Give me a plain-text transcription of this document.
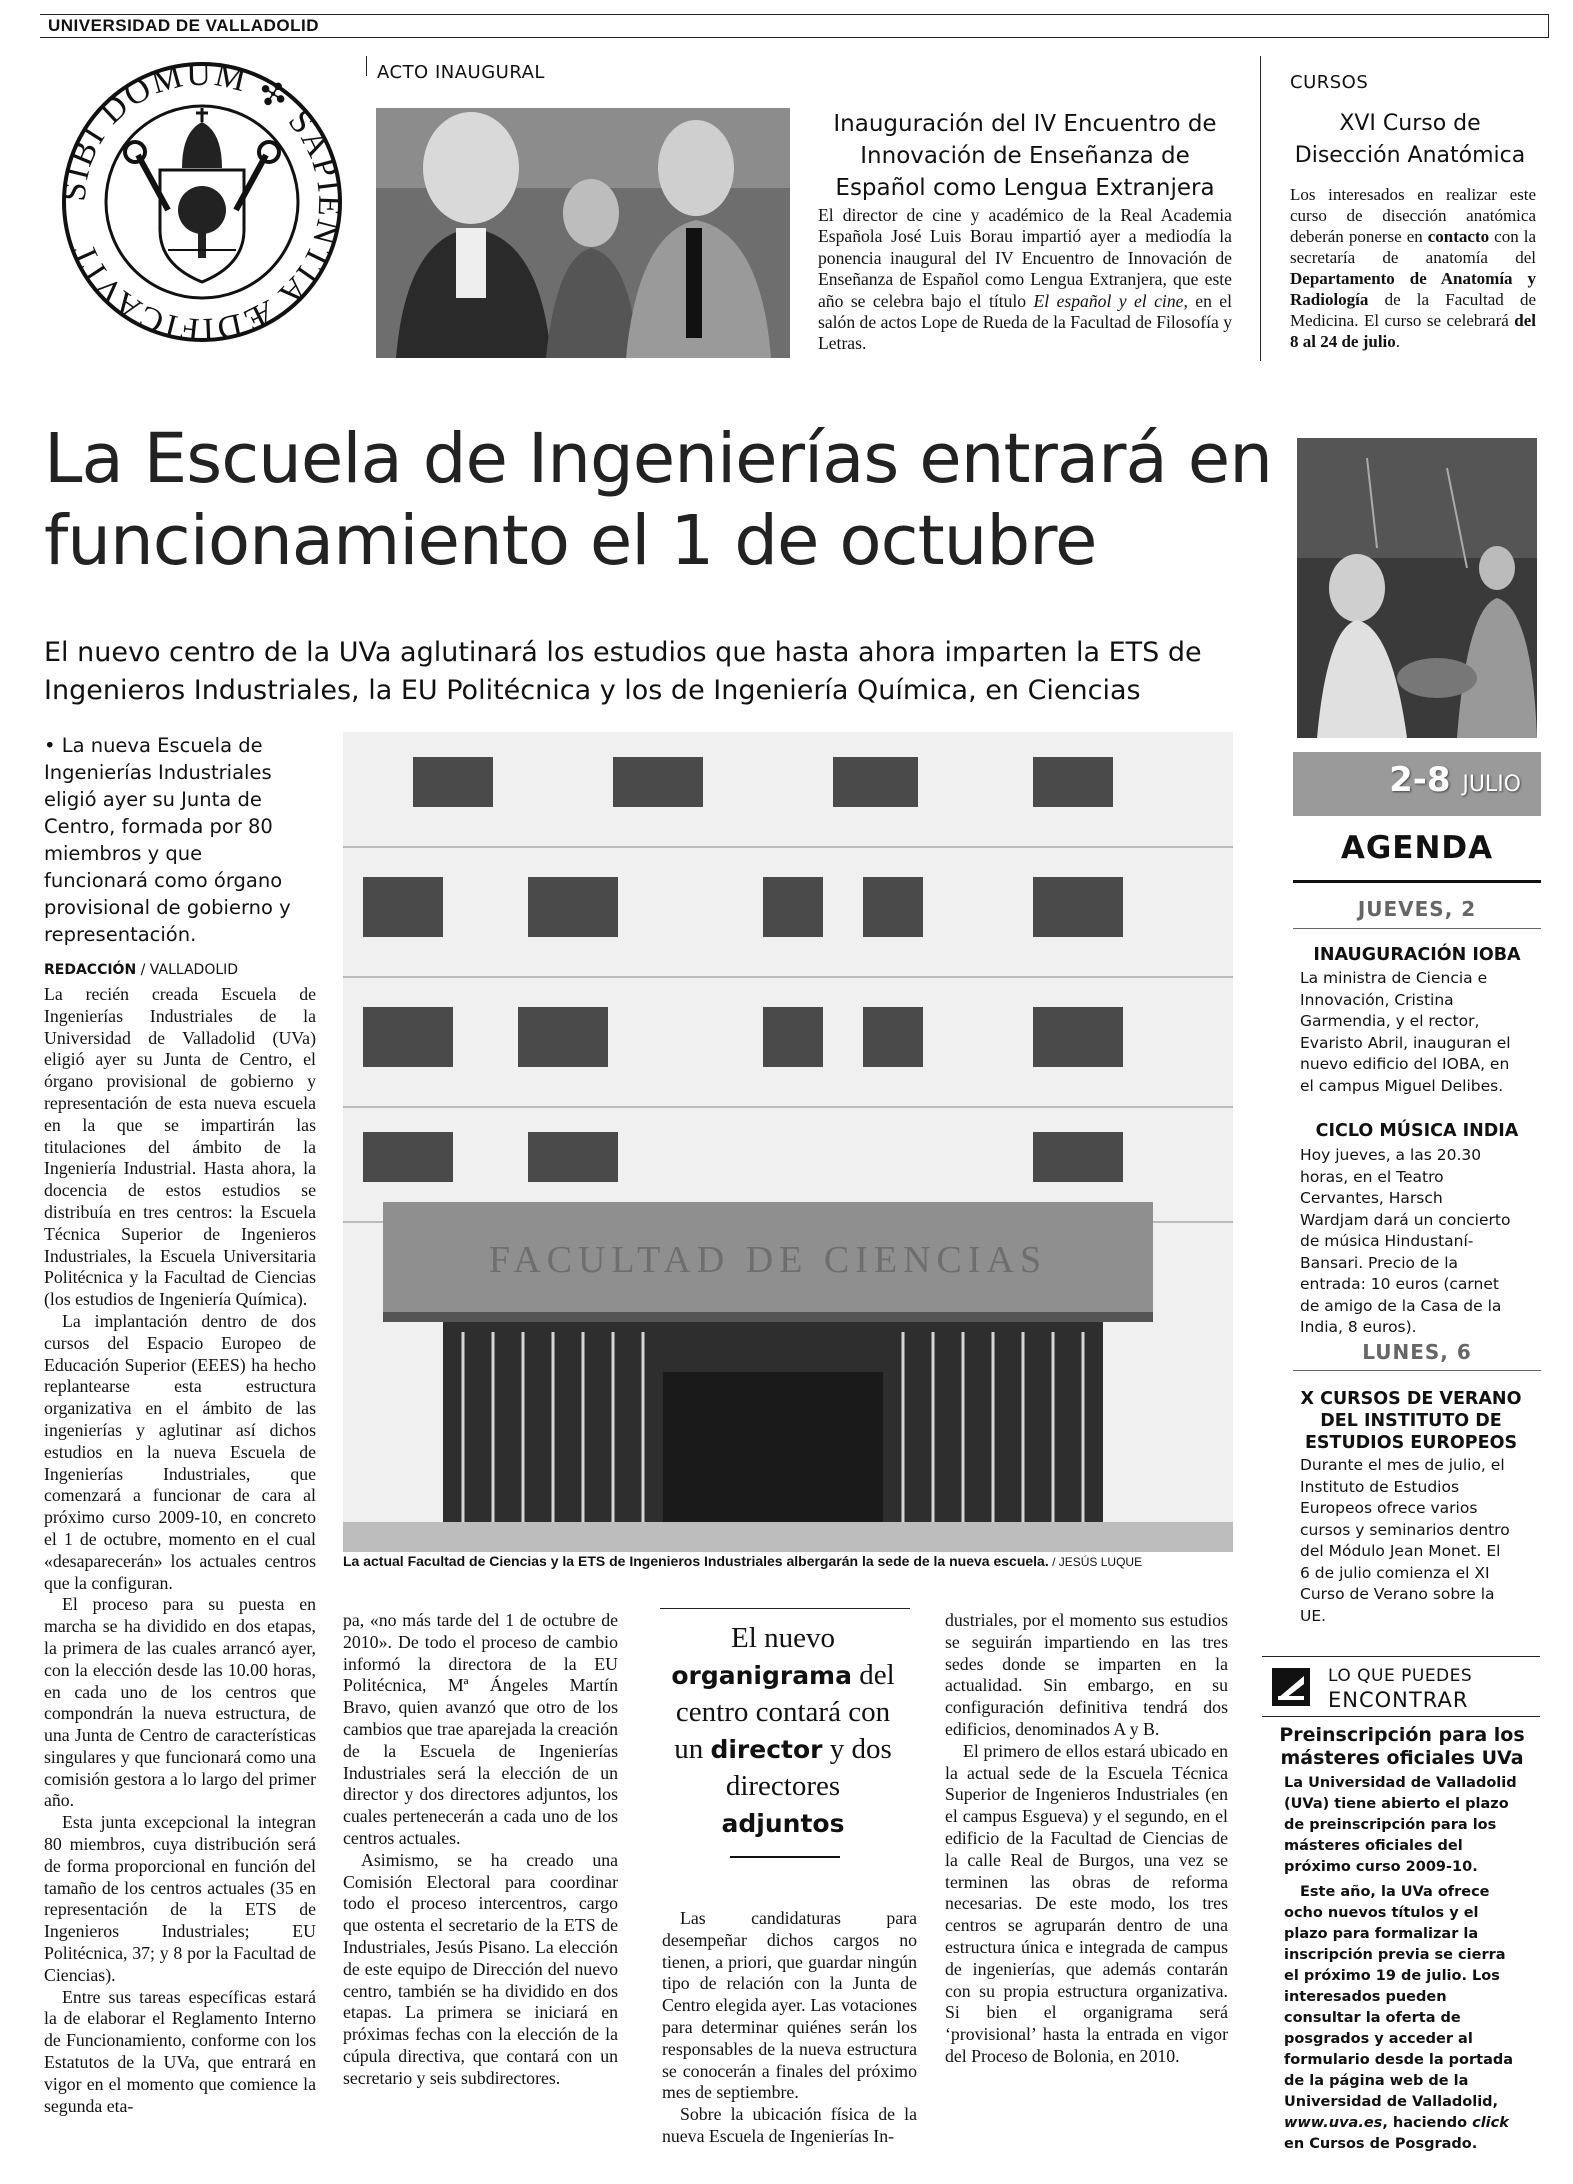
UNIVERSIDAD DE VALLADOLID
IBI DOMUM ✣ SAPIENTIA ÆDIFICAVIT
ACTO INAUGURAL
Inauguración del IV Encuentro de Innovación de Enseñanza de Español como Lengua Extranjera
El director de cine y académico de la Real Academia Española José Luis Borau impartió ayer a mediodía la ponencia inaugural del IV Encuentro de Innovación de Enseñanza de Español como Lengua Extranjera, que este año se celebra bajo el título El español y el cine, en el salón de actos Lope de Rueda de la Facultad de Filosofía y Letras.
CURSOS
XVI Curso de Disección Anatómica
Los interesados en realizar este curso de disección anatómica deberán ponerse en contacto con la secretaría de anatomía del Departamento de Anatomía y Radiología de la Facultad de Medicina. El curso se celebrará del 8 al 24 de julio.
La Escuela de Ingenierías entrará en funcionamiento el 1 de octubre
El nuevo centro de la UVa aglutinará los estudios que hasta ahora imparten la ETS de Ingenieros Industriales, la EU Politécnica y los de Ingeniería Química, en Ciencias
2-8 JULIO
AGENDA
JUEVES, 2
INAUGURACIÓN IOBA
La ministra de Ciencia e Innovación, Cristina Garmendia, y el rector, Evaristo Abril, inauguran el nuevo edificio del IOBA, en el campus Miguel Delibes.
CICLO MÚSICA INDIA
Hoy jueves, a las 20.30 horas, en el Teatro Cervantes, Harsch Wardjam dará un concierto de música Hindustaní-Bansari. Precio de la entrada: 10 euros (carnet de amigo de la Casa de la India, 8 euros).
LUNES, 6
X CURSOS DE VERANO DEL INSTITUTO DE ESTUDIOS EUROPEOS
Durante el mes de julio, el Instituto de Estudios Europeos ofrece varios cursos y seminarios dentro del Módulo Jean Monet. El 6 de julio comienza el XI Curso de Verano sobre la UE.
LO QUE PUEDES
ENCONTRAR
Preinscripción para los másteres oficiales UVa
La Universidad de Valladolid (UVa) tiene abierto el plazo de preinscripción para los másteres oficiales del próximo curso 2009-10.
Este año, la UVa ofrece ocho nuevos títulos y el plazo para formalizar la inscripción previa se cierra el próximo 19 de julio. Los interesados pueden consultar la oferta de posgrados y acceder al formulario desde la portada de la página web de la Universidad de Valladolid, www.uva.es, haciendo click en Cursos de Posgrado.
FACULTAD DE CIENCIAS
La actual Facultad de Ciencias y la ETS de Ingenieros Industriales albergarán la sede de la nueva escuela. / JESÚS LUQUE
• La nueva Escuela de Ingenierías Industriales eligió ayer su Junta de Centro, formada por 80 miembros y que funcionará como órgano provisional de gobierno y representación.
REDACCIÓN / VALLADOLID

La recién creada Escuela de Ingenierías Industriales de la Universidad de Valladolid (UVa) eligió ayer su Junta de Centro, el órgano provisional de gobierno y representación de esta nueva escuela en la que se impartirán las titulaciones del ámbito de la Ingeniería Industrial. Hasta ahora, la docencia de estos estudios se distribuía en tres centros: la Escuela Técnica Superior de Ingenieros Industriales, la Escuela Universitaria Politécnica y la Facultad de Ciencias (los estudios de Ingeniería Química).

La implantación dentro de dos cursos del Espacio Europeo de Educación Superior (EEES) ha hecho replantearse esta estructura organizativa en el ámbito de las ingenierías y aglutinar así dichos estudios en la nueva Escuela de Ingenierías Industriales, que comenzará a funcionar de cara al próximo curso 2009-10, en concreto el 1 de octubre, momento en el cual «desaparecerán» los actuales centros que la configuran.

El proceso para su puesta en marcha se ha dividido en dos etapas, la primera de las cuales arrancó ayer, con la elección desde las 10.00 horas, en cada uno de los centros que compondrán la nueva estructura, de una Junta de Centro de características singulares y que funcionará como una comisión gestora a lo largo del primer año.

Esta junta excepcional la integran 80 miembros, cuya distribución será de forma proporcional en función del tamaño de los centros actuales (35 en representación de la ETS de Ingenieros Industriales; EU Politécnica, 37; y 8 por la Facultad de Ciencias).

Entre sus tareas específicas estará la de elaborar el Reglamento Interno de Funcionamiento, conforme con los Estatutos de la UVa, que entrará en vigor en el momento que comience la segunda eta-

pa, «no más tarde del 1 de octubre de 2010». De todo el proceso de cambio informó la directora de la EU Politécnica, Mª Ángeles Martín Bravo, quien avanzó que otro de los cambios que trae aparejada la creación de la Escuela de Ingenierías Industriales será la elección de un director y dos directores adjuntos, los cuales pertenecerán a cada uno de los centros actuales.

Asimismo, se ha creado una Comisión Electoral para coordinar todo el proceso intercentros, cargo que ostenta el secretario de la ETS de Industriales, Jesús Pisano. La elección de este equipo de Dirección del nuevo centro, también se ha dividido en dos etapas. La primera se iniciará en próximas fechas con la elección de la cúpula directiva, que contará con un secretario y seis subdirectores.

El nuevo
organigrama del centro contará con un director y dos directores
adjuntos

Las candidaturas para desempeñar dichos cargos no tienen, a priori, que guardar ningún tipo de relación con la Junta de Centro elegida ayer. Las votaciones para determinar quiénes serán los responsables de la nueva estructura se conocerán a finales del próximo mes de septiembre.

Sobre la ubicación física de la nueva Escuela de Ingenierías In-

dustriales, por el momento sus estudios se seguirán impartiendo en las tres sedes donde se imparten en la actualidad. Sin embargo, en su configuración definitiva tendrá dos edificios, denominados A y B.

El primero de ellos estará ubicado en la actual sede de la Escuela Técnica Superior de Ingenieros Industriales (en el campus Esgueva) y el segundo, en el edificio de la Facultad de Ciencias de la calle Real de Burgos, una vez se terminen las obras de reforma necesarias. De este modo, los tres centros se agruparán dentro de una estructura única e integrada de campus de ingenierías, que además contarán con su propia estructura organizativa. Si bien el organigrama será ‘provisional’ hasta la entrada en vigor del Proceso de Bolonia, en 2010.
